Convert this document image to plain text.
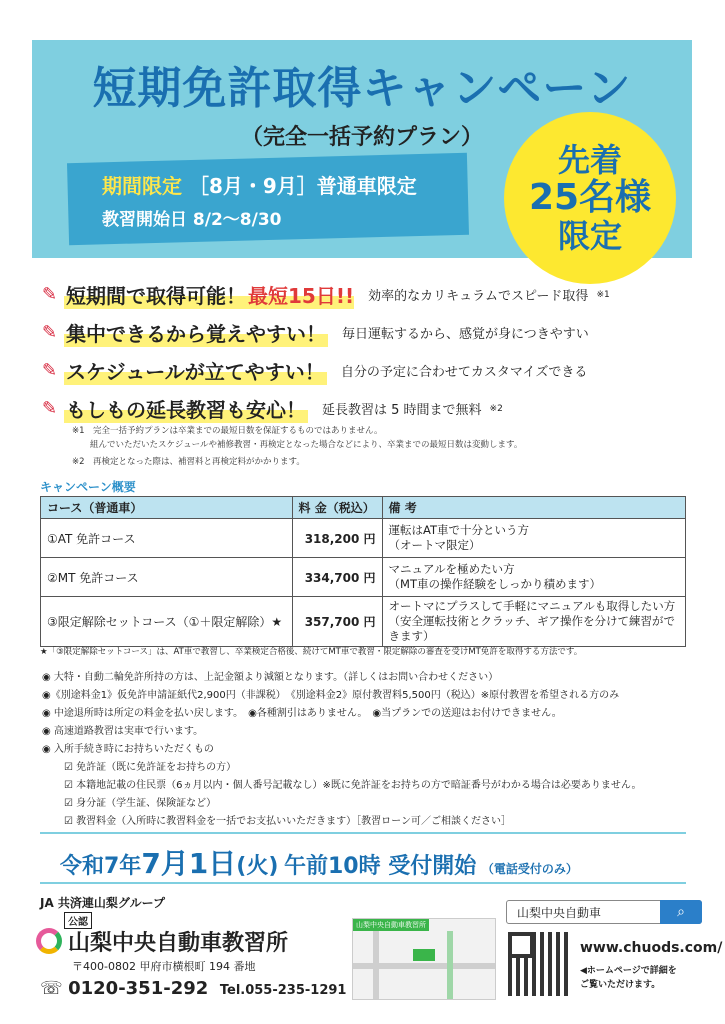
短期免許取得キャンペーン
（完全一括予約プラン）
期間限定 ［8月・9月］普通車限定
教習開始日 8/2〜8/30
先着
25名様
限定
✎ 短期間で取得可能！ 最短15日!! 効率的なカリキュラムでスピード取得 ※1
✎ 集中できるから覚えやすい！ 毎日運転するから、感覚が身につきやすい
✎ スケジュールが立てやすい！ 自分の予定に合わせてカスタマイズできる
✎ もしもの延長教習も安心！ 延長教習は 5 時間まで無料 ※2
※1　完全一括予約プランは卒業までの最短日数を保証するものではありません。
組んでいただいたスケジュールや補修教習・再検定となった場合などにより、卒業までの最短日数は変動します。
※2　再検定となった際は、補習料と再検定料がかかります。
キャンペーン概要
コース（普通車）	料 金（税込）	備 考
①AT 免許コース	318,200 円	運転はAT車で十分という方
（オートマ限定）

②MT 免許コース	334,700 円	マニュアルを極めたい方
（MT車の操作経験をしっかり積めます）

③限定解除セットコース（①＋限定解除）★	357,700 円	オートマにプラスして手軽にマニュアルも取得したい方
（安全運転技術とクラッチ、ギア操作を分けて練習ができます）
★「③限定解除セットコース」は、AT車で教習し、卒業検定合格後、続けてMT車で教習・限定解除の審査を受けMT免許を取得する方法です。
◉ 大特・自動二輪免許所持の方は、上記金額より減額となります。（詳しくはお問い合わせください）
◉《別途料金1》仮免許申請証紙代2,900円（非課税）　《別途料金2》原付教習料5,500円（税込）※原付教習を希望される方のみ
◉ 中途退所時は所定の料金を払い戻します。　◉各種割引はありません。　◉当プランでの送迎はお付けできません。
◉ 高速道路教習は実車で行います。
◉ 入所手続き時にお持ちいただくもの
☑ 免許証（既に免許証をお持ちの方）
☑ 本籍地記載の住民票（6ヵ月以内・個人番号記載なし）※既に免許証をお持ちの方で暗証番号がわかる場合は必要ありません。
☑ 身分証（学生証、保険証など）
☑ 教習料金（入所時に教習料金を一括でお支払いいただきます）［教習ローン可／ご相談ください］
令和7年7月1日(火) 午前10時 受付開始 （電話受付のみ）
JA 共済連山梨グループ
公認
山梨中央自動車教習所
〒400-0802 甲府市横根町 194 番地
☏ 0120-351-292 Tel.055-235-1291
山梨中央自動車教習所
山梨中央自動車	⌕
www.chuods.com/
◀ホームページで詳細を
ご覧いただけます。
